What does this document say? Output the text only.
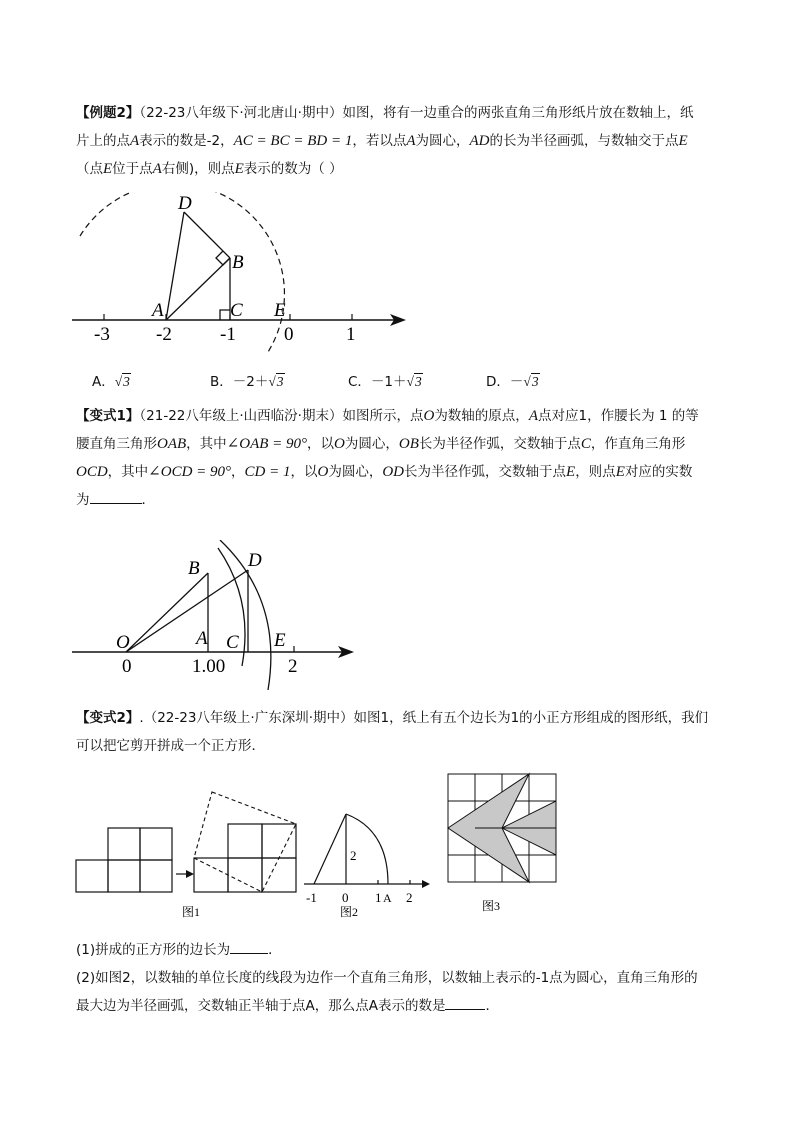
【例题2】（22-23八年级下·河北唐山·期中）如图，将有一边重合的两张直角三角形纸片放在数轴上，纸
片上的点A表示的数是-2，AC = BC = BD = 1，若以点A为圆心，AD的长为半径画弧，与数轴交于点E
（点E位于点A右侧)，则点E表示的数为（ ）
-3 -2	-1	0	1
D
B
A	C E
A．√3	B．－2＋√3	C．－1＋√3	D．－√3
【变式1】（21-22八年级上·山西临汾·期末）如图所示，点O为数轴的原点，A点对应1，作腰长为 1 的等
腰直角三角形OAB，其中∠OAB = 90°，以O为圆心，OB长为半径作弧，交数轴于点C，作直角三角形
OCD，其中∠OCD = 90°，CD = 1，以O为圆心，OD长为半径作弧，交数轴于点E，则点E对应的实数
为	．
B	D
O	A C E
0	1.00	2
【变式2】.（22-23八年级上·广东深圳·期中）如图1，纸上有五个边长为1的小正方形组成的图形纸，我们
可以把它剪开拼成一个正方形．
图1
2
-1 0 1 A 2
图2	图3
(1)拼成的正方形的边长为	．
(2)如图2，以数轴的单位长度的线段为边作一个直角三角形，以数轴上表示的-1点为圆心，直角三角形的
最大边为半径画弧，交数轴正半轴于点A，那么点A表示的数是	．
